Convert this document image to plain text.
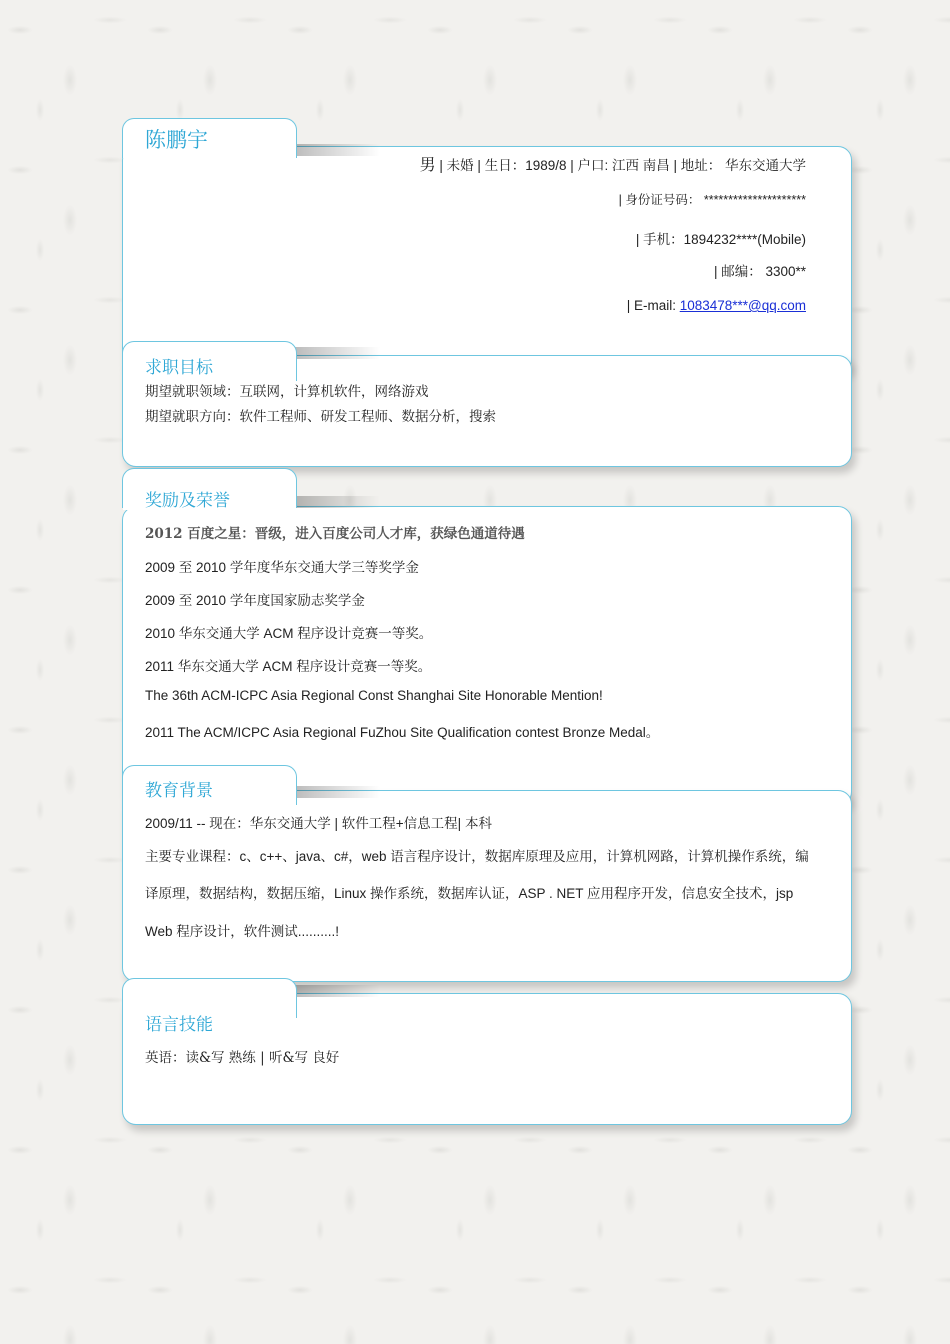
陈鹏宇
男 | 未婚 | 生日：1989/8 | 户口: 江西 南昌 | 地址： 华东交通大学
| 身份证号码： *********************
| 手机：1894232****(Mobile)
| 邮编： 3300**
| E-mail: 1083478***@qq.com
求职目标
期望就职领域：互联网，计算机软件，网络游戏
期望就职方向：软件工程师、研发工程师、数据分析，搜索
奖励及荣誉
2012 百度之星：晋级，进入百度公司人才库，获绿色通道待遇
2009 至 2010 学年度华东交通大学三等奖学金
2009 至 2010 学年度国家励志奖学金
2010 华东交通大学 ACM 程序设计竞赛一等奖。
2011 华东交通大学 ACM 程序设计竞赛一等奖。
The 36th ACM-ICPC Asia Regional Const Shanghai Site Honorable Mention!
2011 The ACM/ICPC Asia Regional FuZhou Site Qualification contest Bronze Medal。
教育背景
2009/11 -- 现在：华东交通大学 | 软件工程+信息工程| 本科
主要专业课程：c、c++、java、c#，web 语言程序设计，数据库原理及应用，计算机网路，计算机操作系统，编
译原理，数据结构，数据压缩，Linux 操作系统，数据库认证，ASP . NET 应用程序开发，信息安全技术，jsp
Web 程序设计，软件测试..........!
语言技能
英语：读&写 熟练 | 听&写 良好
